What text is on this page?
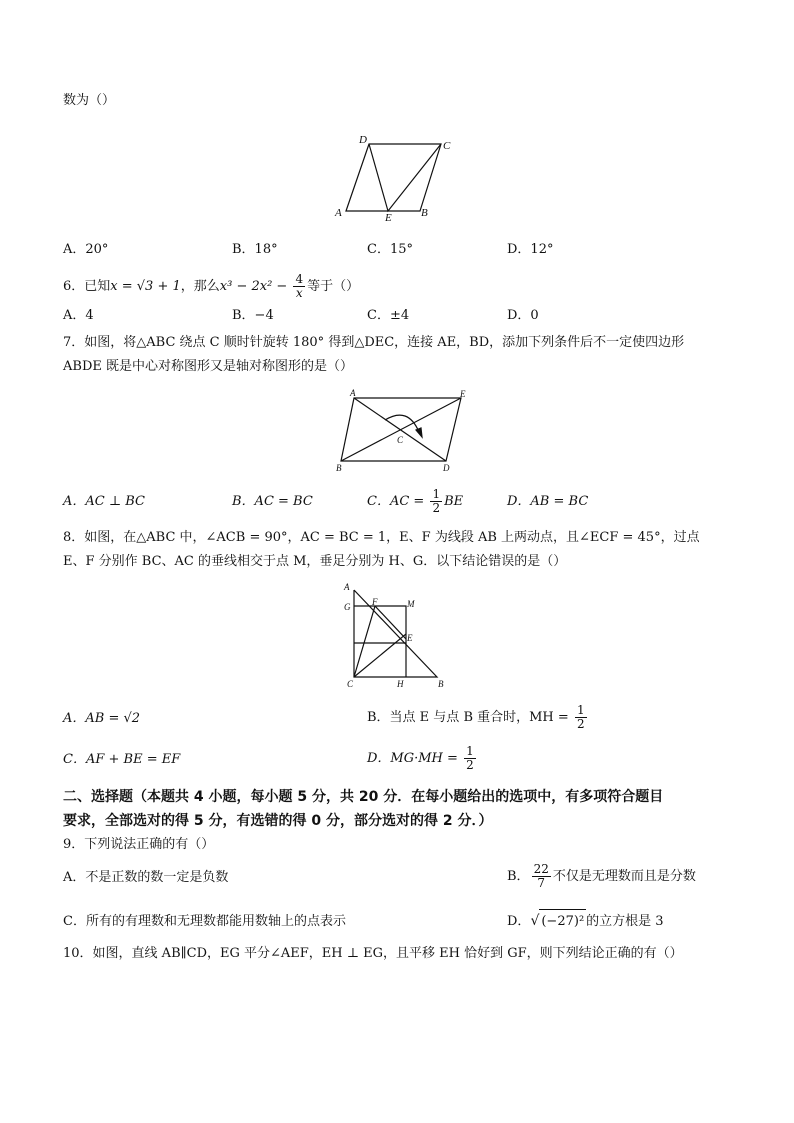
数为（）
D	C
A	E	B
A．20°	B．18°	C．15°	D．12°
6．已知x = √3 + 1，那么$x^3 - 2x^2 - \frac{4}{x}$ 等于（）
A．4	B．−4	C．±4	D．0
7．如图，将△ABC 绕点 C 顺时针旋转 180° 得到△DEC，连接 AE，BD，添加下列条件后不一定使四边形
ABDE 既是中心对称图形又是轴对称图形的是（）
A	E
C
B	D
A．AC ⊥ BC	B．AC = BC	C．AC = $\frac{1}{2}$ BE	D．AB = BC
8．如图，在△ABC 中，∠ACB = 90°，AC = BC = 1，E、F 为线段 AB 上两动点，且∠ECF = 45°，过点
E、F 分别作 BC、AC 的垂线相交于点 M，垂足分别为 H、G．以下结论错误的是（）
A
G F	M
E
C	H	B
A．AB = √2	B．当点 E 与点 B 重合时，MH = $\frac{1}{2}$
C．AF + BE = EF	D．$MG\cdot MH = \frac{1}{2}$
二、选择题（本题共 4 小题，每小题 5 分，共 20 分．在每小题给出的选项中，有多项符合题目
要求，全部选对的得 5 分，有选错的得 0 分，部分选对的得 2 分．）
9．下列说法正确的有（）
A．不是正数的数一定是负数	B． $\frac{22}{7}$ 不仅是无理数而且是分数
C．所有的有理数和无理数都能用数轴上的点表示	D．√ (−27)² 的立方根是 3
10．如图，直线 AB∥CD，EG 平分∠AEF，EH ⊥ EG，且平移 EH 恰好到 GF，则下列结论正确的有（）
